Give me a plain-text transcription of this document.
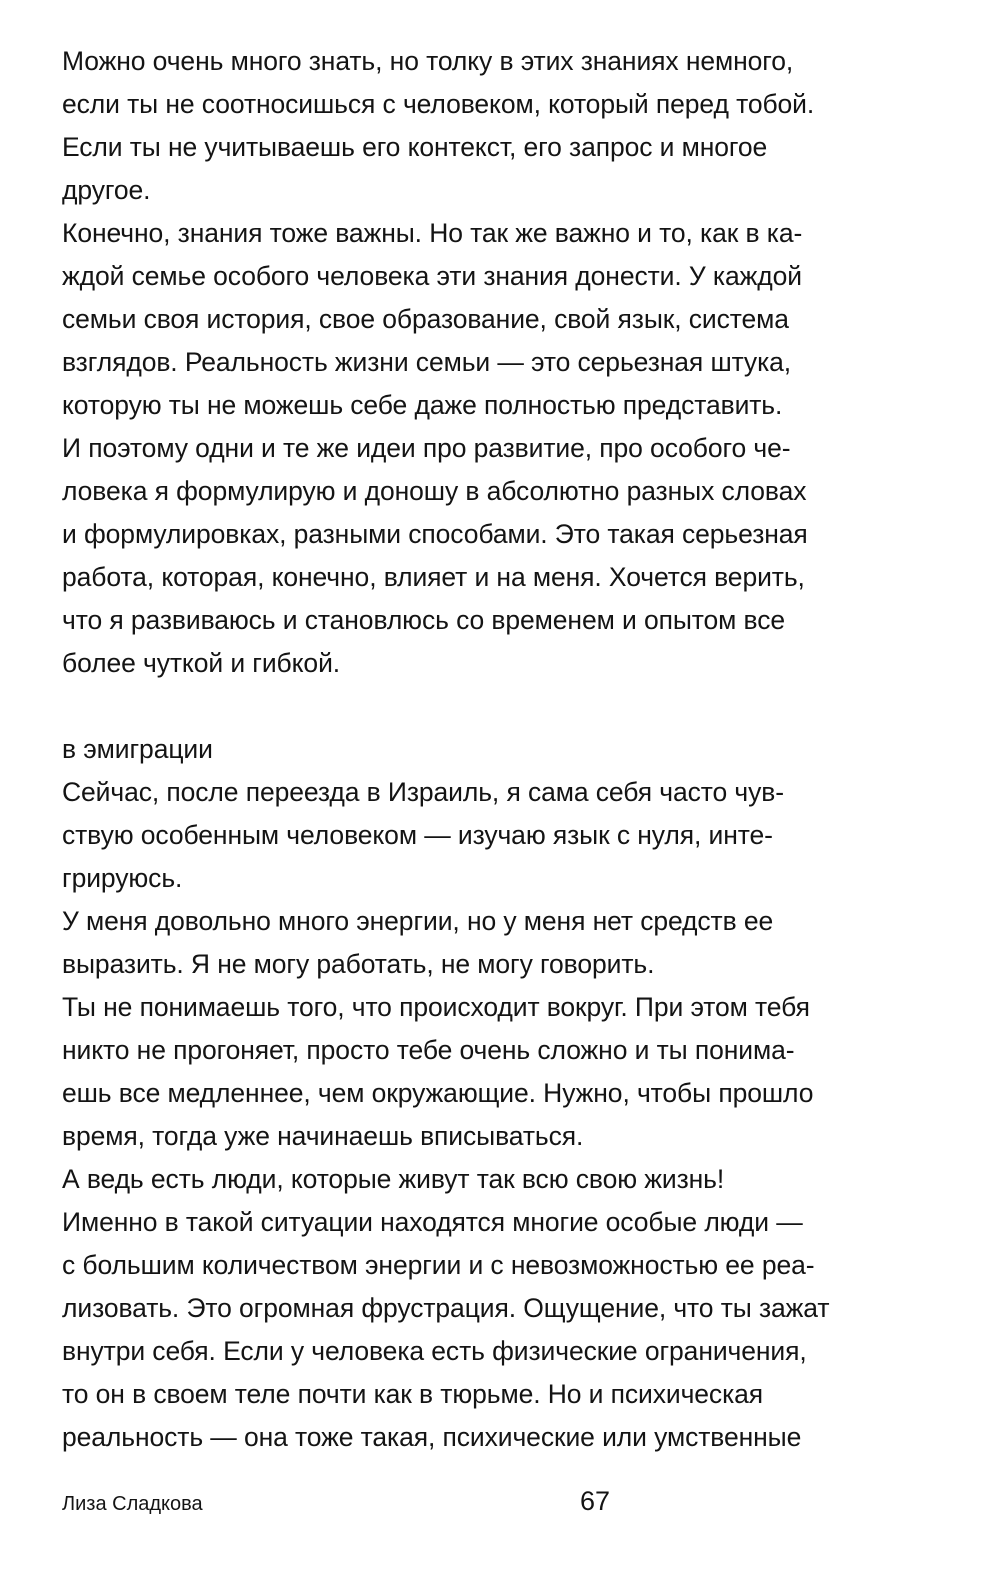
Можно очень много знать, но толку в этих знаниях немного,
если ты не соотносишься с человеком, который перед тобой.
Если ты не учитываешь его контекст, его запрос и многое
другое.
Конечно, знания тоже важны. Но так же важно и то, как в ка-
ждой семье особого человека эти знания донести. У каждой
семьи своя история, свое образование, свой язык, система
взглядов. Реальность жизни семьи — это серьезная штука,
которую ты не можешь себе даже полностью представить.
И поэтому одни и те же идеи про развитие, про особого че-
ловека я формулирую и доношу в абсолютно разных словах
и формулировках, разными способами. Это такая серьезная
работа, которая, конечно, влияет и на меня. Хочется верить,
что я развиваюсь и становлюсь со временем и опытом все
более чуткой и гибкой.
в эмиграции
Сейчас, после переезда в Израиль, я сама себя часто чув-
ствую особенным человеком — изучаю язык с нуля, инте-
грируюсь.
У меня довольно много энергии, но у меня нет средств ее
выразить. Я не могу работать, не могу говорить.
Ты не понимаешь того, что происходит вокруг. При этом тебя
никто не прогоняет, просто тебе очень сложно и ты понима-
ешь все медленнее, чем окружающие. Нужно, чтобы прошло
время, тогда уже начинаешь вписываться.
А ведь есть люди, которые живут так всю свою жизнь!
Именно в такой ситуации находятся многие особые люди —
с большим количеством энергии и с невозможностью ее реа-
лизовать. Это огромная фрустрация. Ощущение, что ты зажат
внутри себя. Если у человека есть физические ограничения,
то он в своем теле почти как в тюрьме. Но и психическая
реальность — она тоже такая, психические или умственные
Лиза Сладкова	67
